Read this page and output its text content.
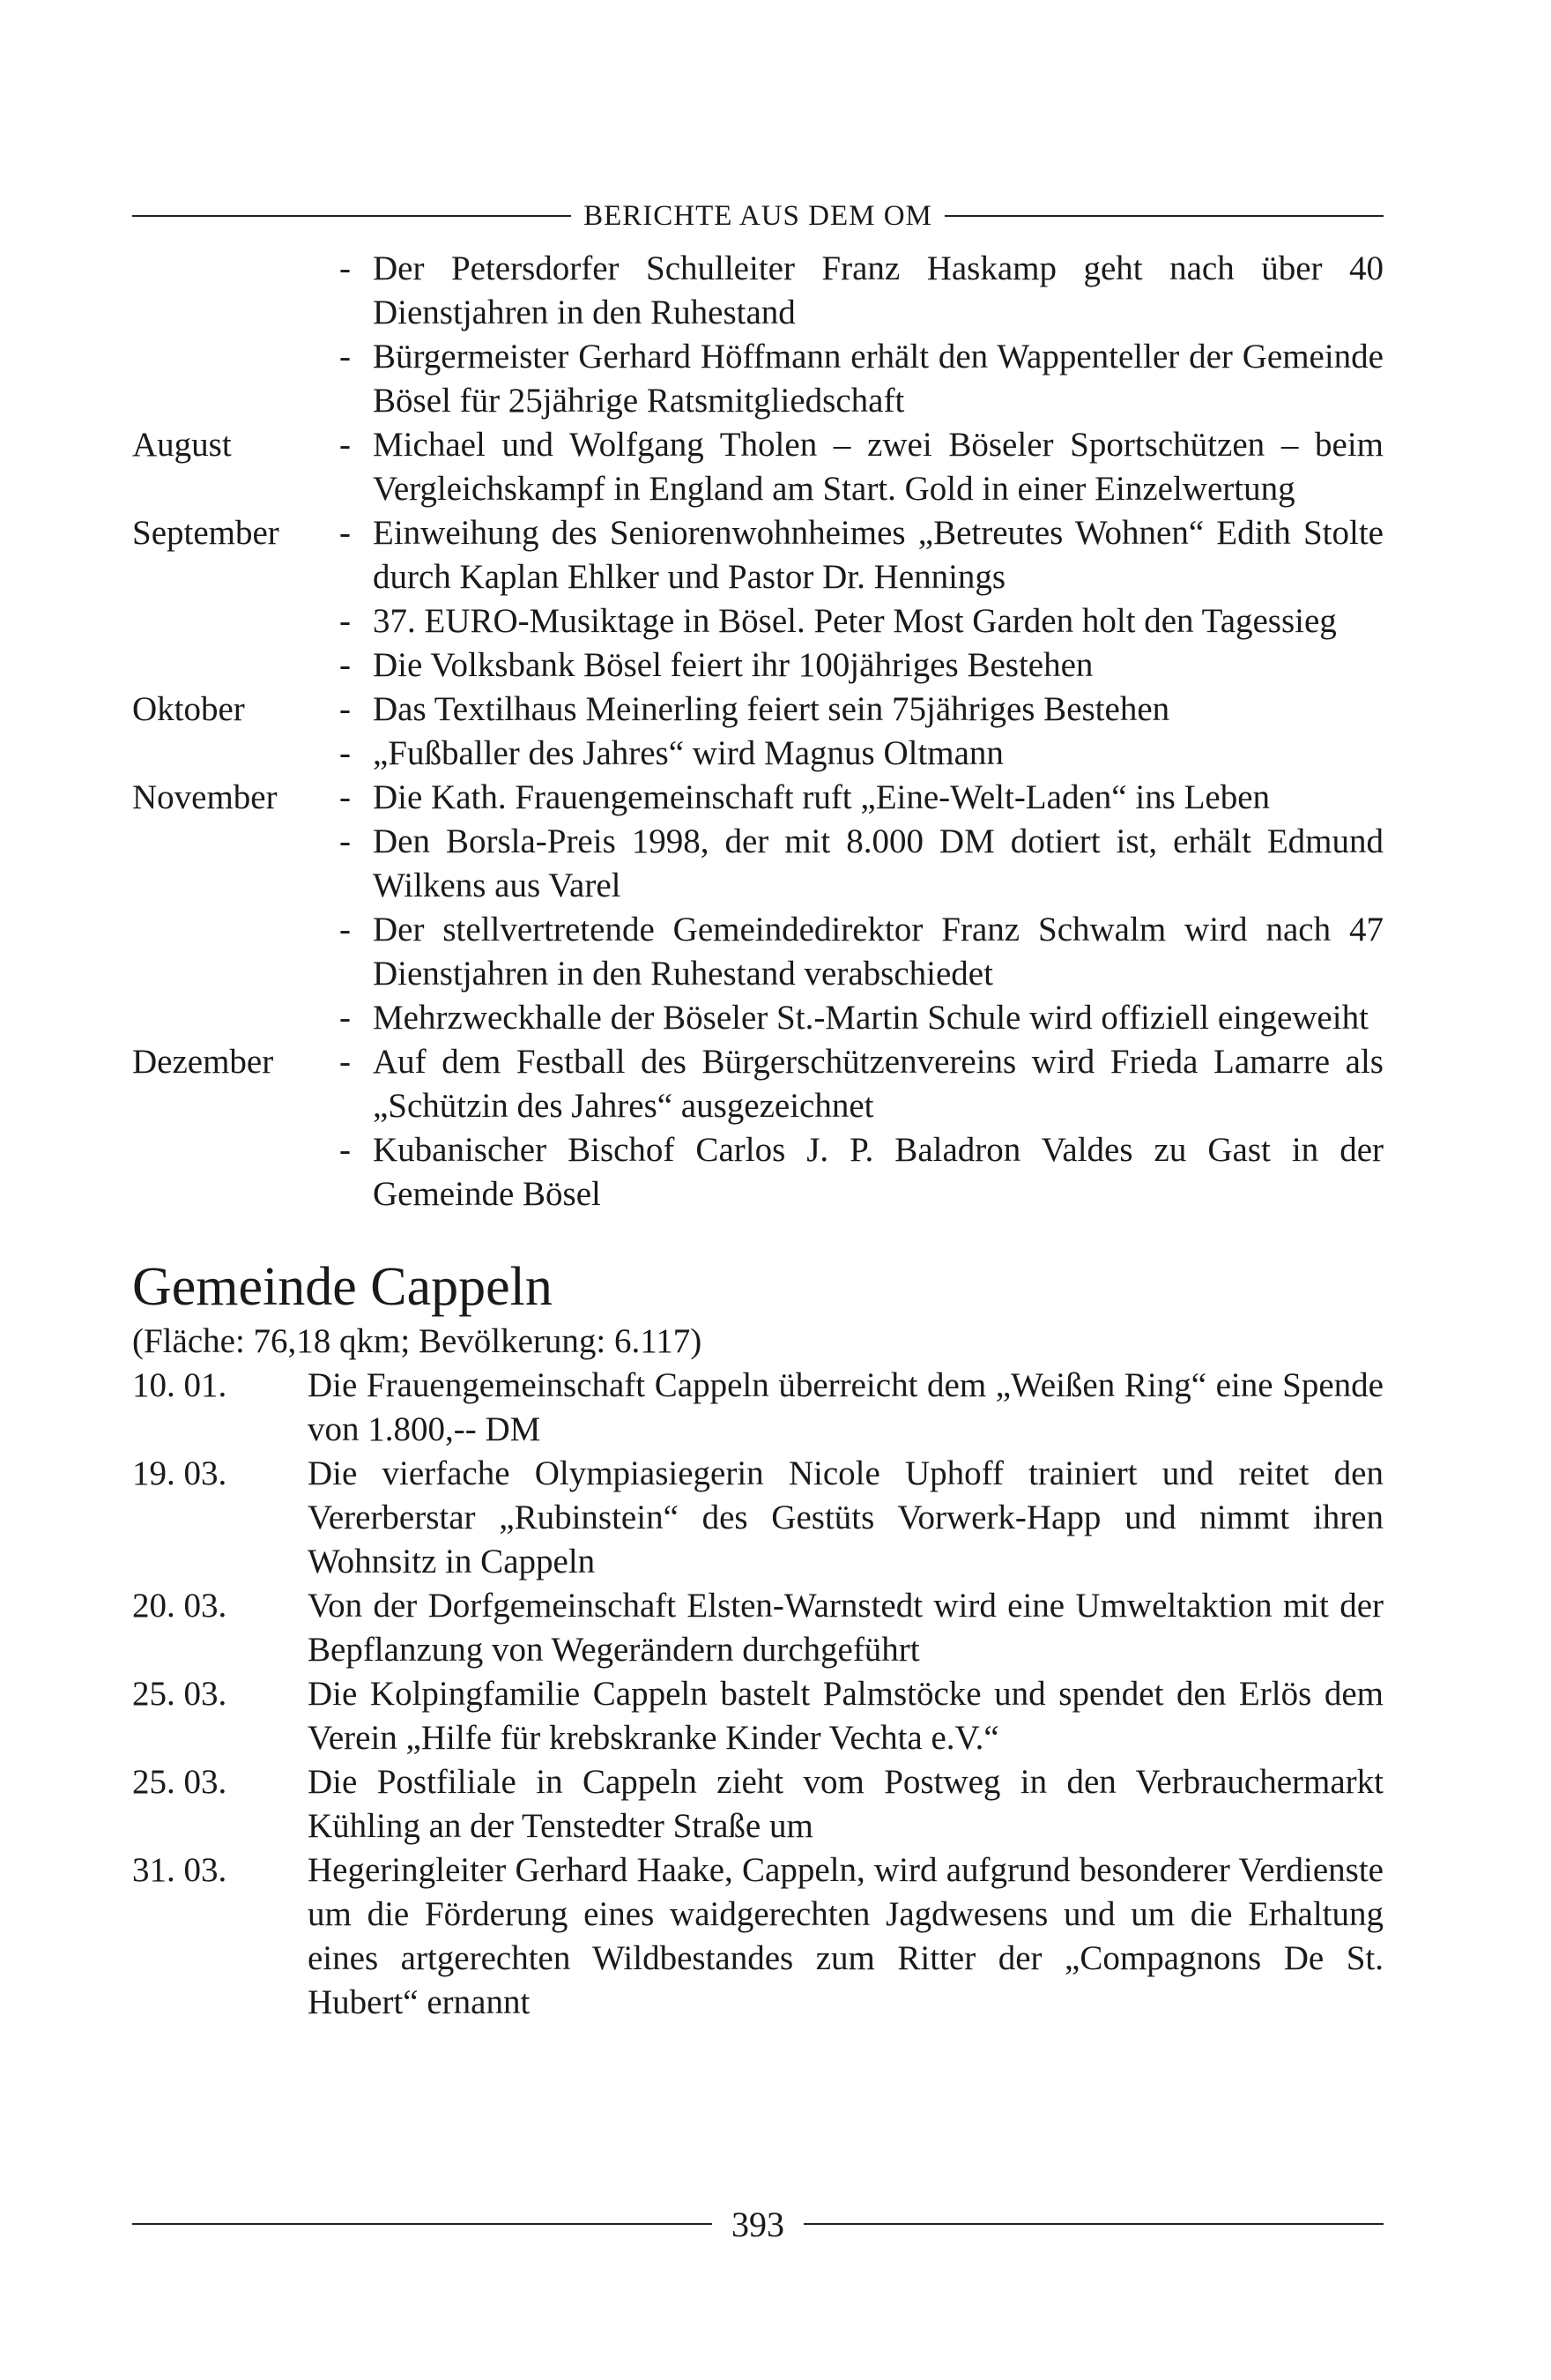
BERICHTE AUS DEM OM
- Der Petersdorfer Schulleiter Franz Haskamp geht nach über 40 Dienstjahren in den Ruhestand
- Bürgermeister Gerhard Höffmann erhält den Wappenteller der Gemeinde Bösel für 25jährige Ratsmitgliedschaft
August	- Michael und Wolfgang Tholen – zwei Böseler Sportschützen – beim Vergleichskampf in England am Start. Gold in einer Einzelwertung
September	- Einweihung des Seniorenwohnheimes „Betreutes Wohnen“ Edith Stolte durch Kaplan Ehlker und Pastor Dr. Hennings
- 37. EURO-Musiktage in Bösel. Peter Most Garden holt den Tagessieg
- Die Volksbank Bösel feiert ihr 100jähriges Bestehen
Oktober	- Das Textilhaus Meinerling feiert sein 75jähriges Bestehen
- „Fußballer des Jahres“ wird Magnus Oltmann
November	- Die Kath. Frauengemeinschaft ruft „Eine-Welt-Laden“ ins Leben
- Den Borsla-Preis 1998, der mit 8.000 DM dotiert ist, erhält Edmund Wilkens aus Varel
- Der stellvertretende Gemeindedirektor Franz Schwalm wird nach 47 Dienstjahren in den Ruhestand verabschiedet
- Mehrzweckhalle der Böseler St.-Martin Schule wird offiziell eingeweiht
Dezember	- Auf dem Festball des Bürgerschützenvereins wird Frieda Lamarre als „Schützin des Jahres“ ausgezeichnet
- Kubanischer Bischof Carlos J. P. Baladron Valdes zu Gast in der Gemeinde Bösel
Gemeinde Cappeln
(Fläche: 76,18 qkm; Bevölkerung: 6.117)
10. 01.	Die Frauengemeinschaft Cappeln überreicht dem „Weißen Ring“ eine Spende von 1.800,-- DM
19. 03.	Die vierfache Olympiasiegerin Nicole Uphoff trainiert und reitet den Vererberstar „Rubinstein“ des Gestüts Vorwerk-Happ und nimmt ihren Wohnsitz in Cappeln
20. 03.	Von der Dorfgemeinschaft Elsten-Warnstedt wird eine Umweltaktion mit der Bepflanzung von Wegerändern durchgeführt
25. 03.	Die Kolpingfamilie Cappeln bastelt Palmstöcke und spendet den Erlös dem Verein „Hilfe für krebskranke Kinder Vechta e.V.“
25. 03.	Die Postfiliale in Cappeln zieht vom Postweg in den Verbrauchermarkt Kühling an der Tenstedter Straße um
31. 03.	Hegeringleiter Gerhard Haake, Cappeln, wird aufgrund besonderer Verdienste um die Förderung eines waidgerechten Jagdwesens und um die Erhaltung eines artgerechten Wildbestandes zum Ritter der „Compagnons De St. Hubert“ ernannt
393
